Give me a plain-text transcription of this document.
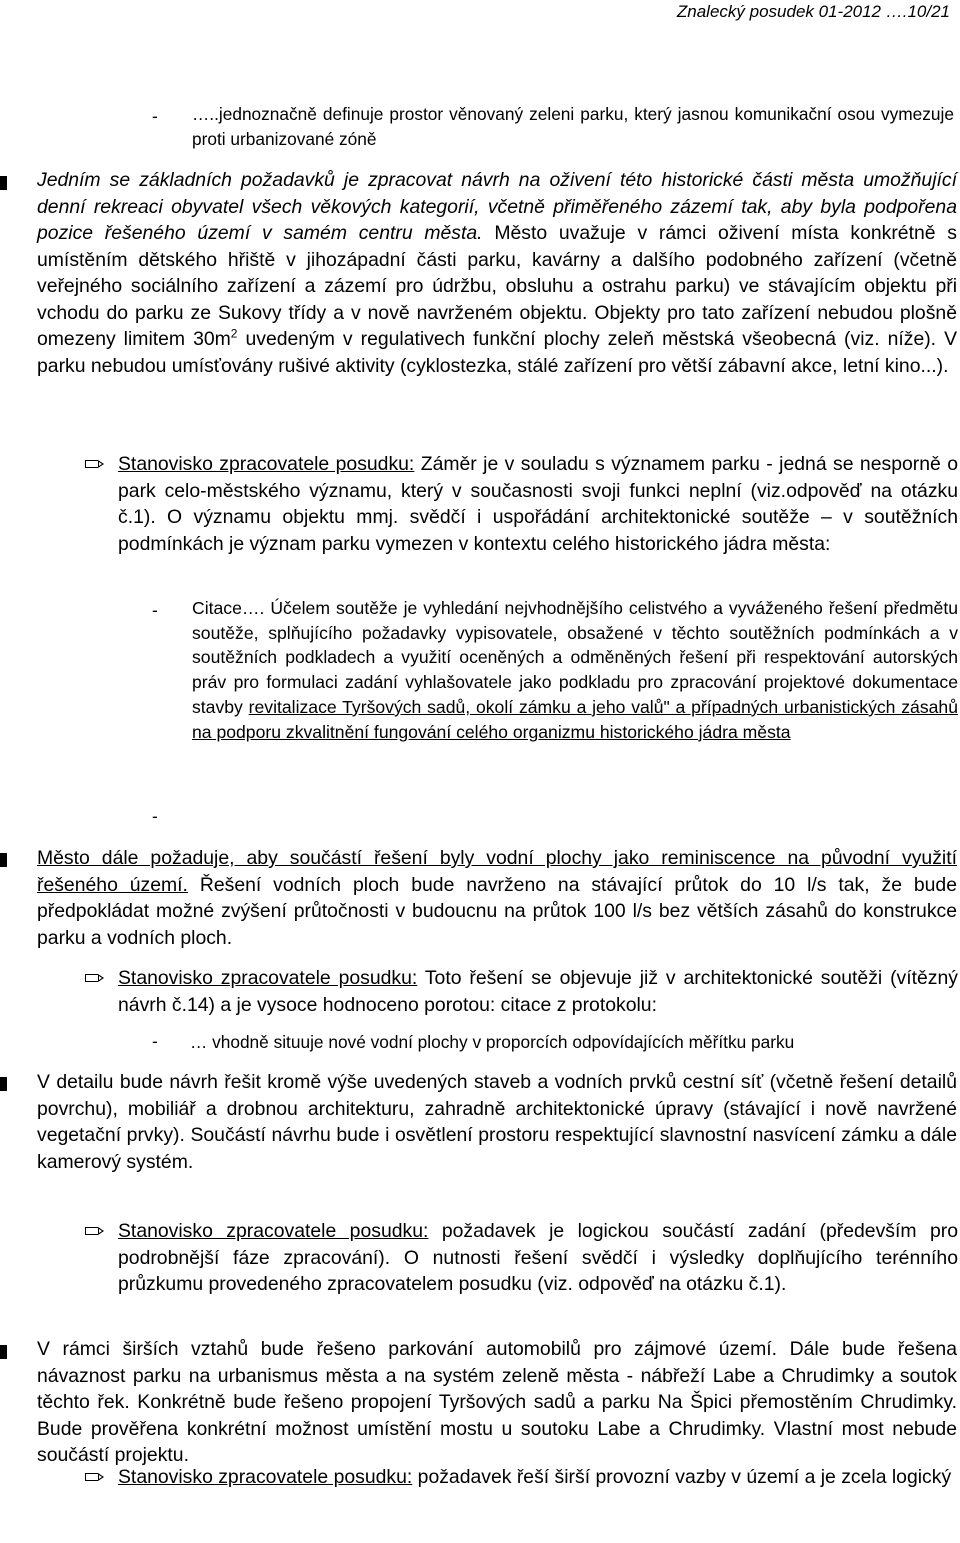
Znalecký posudek 01-2012 ….10/21
- …..jednoznačně definuje prostor věnovaný zeleni parku, který jasnou komunikační osou vymezuje proti urbanizované zóně
Jedním se základních požadavků je zpracovat návrh na oživení této historické části města umožňující denní rekreaci obyvatel všech věkových kategorií, včetně přiměřeného zázemí tak, aby byla podpořena pozice řešeného území v samém centru města. Město uvažuje v rámci oživení místa konkrétně s umístěním dětského hřiště v jihozápadní části parku, kavárny a dalšího podobného zařízení (včetně veřejného sociálního zařízení a zázemí pro údržbu, obsluhu a ostrahu parku) ve stávajícím objektu při vchodu do parku ze Sukovy třídy a v nově navrženém objektu. Objekty pro tato zařízení nebudou plošně omezeny limitem $30m^2$ uvedeným v regulativech funkční plochy zeleň městská všeobecná (viz. níže). V parku nebudou umísťovány rušivé aktivity (cyklostezka, stálé zařízení pro větší zábavní akce, letní kino...).
Stanovisko zpracovatele posudku: Záměr je v souladu s významem parku - jedná se nesporně o park celo-městského významu, který v současnosti svoji funkci neplní (viz.odpověď na otázku č.1). O významu objektu mmj. svědčí i uspořádání architektonické soutěže – v soutěžních podmínkách je význam parku vymezen v kontextu celého historického jádra města:
- Citace…. Účelem soutěže je vyhledání nejvhodnějšího celistvého a vyváženého řešení předmětu soutěže, splňujícího požadavky vypisovatele, obsažené v těchto soutěžních podmínkách a v soutěžních podkladech a využití oceněných a odměněných řešení při respektování autorských práv pro formulaci zadání vyhlašovatele jako podkladu pro zpracování projektové dokumentace stavby revitalizace Tyršových sadů, okolí zámku a jeho valů" a případných urbanistických zásahů na podporu zkvalitnění fungování celého organizmu historického jádra města
-
Město dále požaduje, aby součástí řešení byly vodní plochy jako reminiscence na původní využití řešeného území. Řešení vodních ploch bude navrženo na stávající průtok do 10 l/s tak, že bude předpokládat možné zvýšení průtočnosti v budoucnu na průtok 100 l/s bez větších zásahů do konstrukce parku a vodních ploch.
Stanovisko zpracovatele posudku: Toto řešení se objevuje již v architektonické soutěži (vítězný návrh č.14) a je vysoce hodnoceno porotou: citace z protokolu:
- … vhodně situuje nové vodní plochy v proporcích odpovídajících měřítku parku
V detailu bude návrh řešit kromě výše uvedených staveb a vodních prvků cestní síť (včetně řešení detailů povrchu), mobiliář a drobnou architekturu, zahradně architektonické úpravy (stávající i nově navržené vegetační prvky). Součástí návrhu bude i osvětlení prostoru respektující slavnostní nasvícení zámku a dále kamerový systém.
Stanovisko zpracovatele posudku: požadavek je logickou součástí zadání (především pro podrobnější fáze zpracování). O nutnosti řešení svědčí i výsledky doplňujícího terénního průzkumu provedeného zpracovatelem posudku (viz. odpověď na otázku č.1).
V rámci širších vztahů bude řešeno parkování automobilů pro zájmové území. Dále bude řešena návaznost parku na urbanismus města a na systém zeleně města - nábřeží Labe a Chrudimky a soutok těchto řek. Konkrétně bude řešeno propojení Tyršových sadů a parku Na Špici přemostěním Chrudimky. Bude prověřena konkrétní možnost umístění mostu u soutoku Labe a Chrudimky. Vlastní most nebude součástí projektu.
Stanovisko zpracovatele posudku: požadavek řeší širší provozní vazby v území a je zcela logický
